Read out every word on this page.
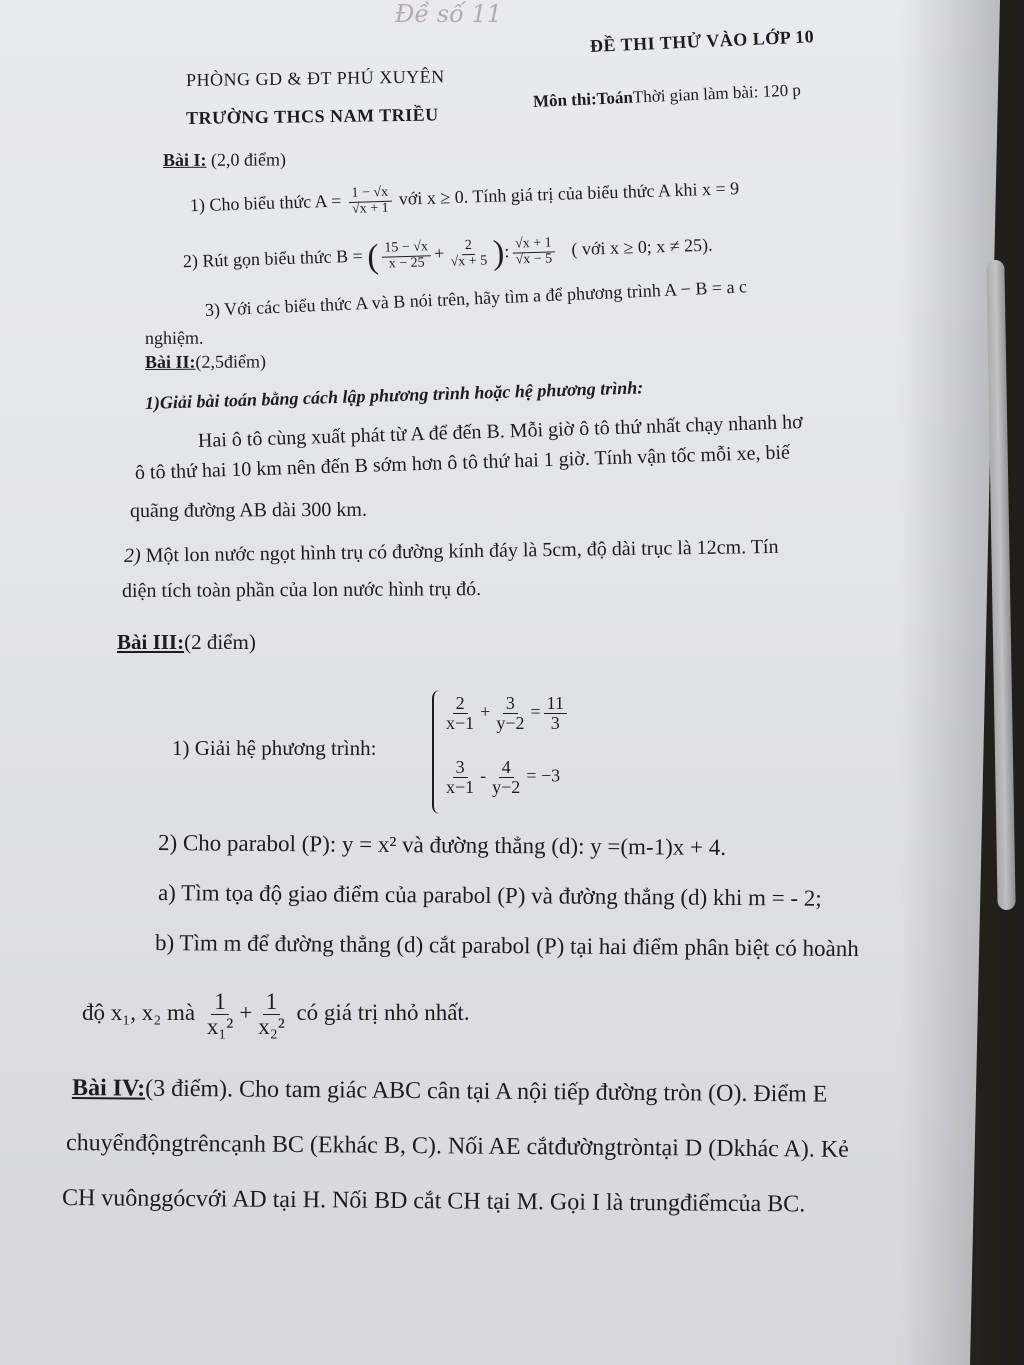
Đề số 11
PHÒNG GD & ĐT PHÚ XUYÊN
TRƯỜNG THCS NAM TRIỀU
ĐỀ THI THỬ VÀO LỚP 10
Môn thi:ToánThời gian làm bài: 120 p
Bài I: (2,0 điểm)
1) Cho biểu thức $A = \frac{1 - √x}{√x + 1}$ với x ≥ 0. Tính giá trị của biểu thức A khi x = 9
2) Rút gọn biểu thức B = ( $\frac{15 - √x}{x - 25} + \frac{2}{√x + 5}$ ): $\frac{√x + 1}{√x - 5}$ ( với x ≥ 0; x ≠ 25).
3) Với các biểu thức A và B nói trên, hãy tìm a để phương trình A − B = a c
nghiệm.
Bài II:(2,5điểm)
1)Giải bài toán bằng cách lập phương trình hoặc hệ phương trình:
Hai ô tô cùng xuất phát từ A để đến B. Mỗi giờ ô tô thứ nhất chạy nhanh hơ
ô tô thứ hai 10 km nên đến B sớm hơn ô tô thứ hai 1 giờ. Tính vận tốc mỗi xe, biế
quãng đường AB dài 300 km.
2) Một lon nước ngọt hình trụ có đường kính đáy là 5cm, độ dài trục là 12cm. Tín
diện tích toàn phần của lon nước hình trụ đó.
Bài III:(2 điểm)
1) Giải hệ phương trình:
$\frac{2}{x-1} + \frac{3}{y-2} = \frac{11}{3}$
$\frac{3}{x-1} - \frac{4}{y-2} = -3$
2) Cho parabol (P): y = x² và đường thẳng (d): y =(m-1)x + 4.
a) Tìm tọa độ giao điểm của parabol (P) và đường thẳng (d) khi m = - 2;
b) Tìm m để đường thẳng (d) cắt parabol (P) tại hai điểm phân biệt có hoành
độ x₁, x₂ mà $\frac{1}{\text{x₁²}} + \frac{1}{\text{x₂²}}$ có giá trị nhỏ nhất.
Bài IV:(3 điểm). Cho tam giác ABC cân tại A nội tiếp đường tròn (O). Điểm E
chuyểnđộngtrêncạnh BC (Ekhác B, C). Nối AE cắtđườngtròntại D (Dkhác A). Kẻ
CH vuônggócvới AD tại H. Nối BD cắt CH tại M. Gọi I là trungđiểmcủa BC.
